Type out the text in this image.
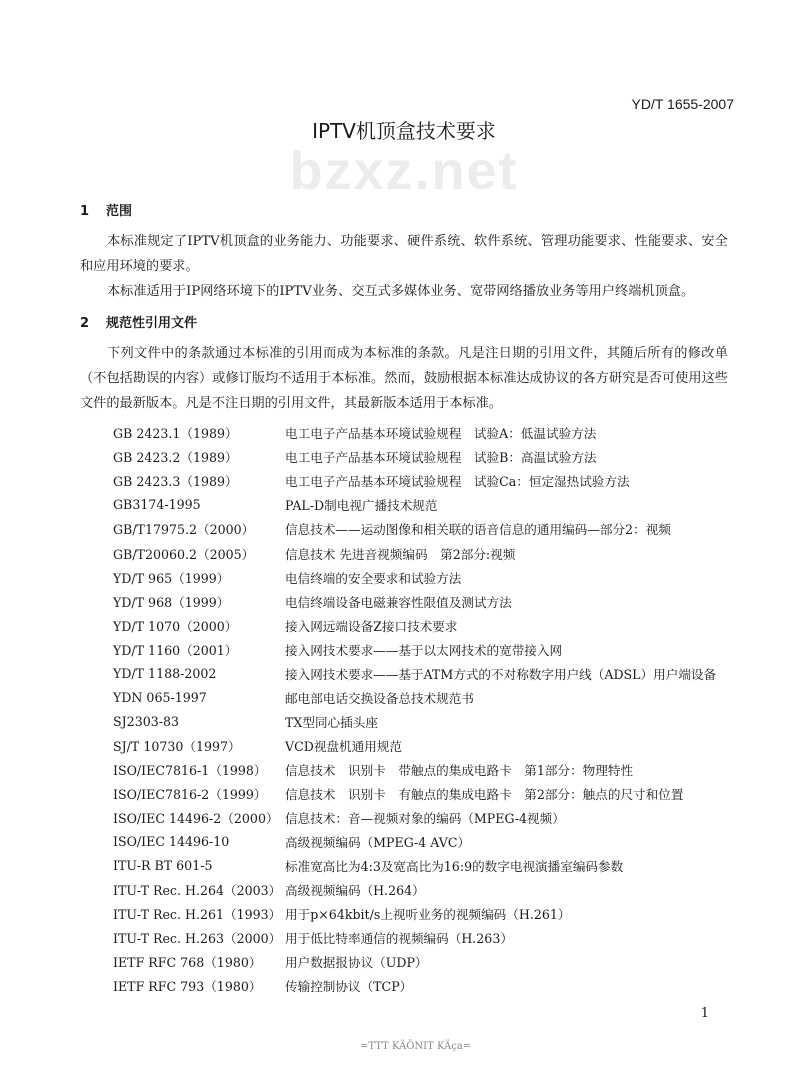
YD/T 1655-2007
IPTV机顶盒技术要求
bzxz.net
1 范围
本标准规定了IPTV机顶盒的业务能力、功能要求、硬件系统、软件系统、管理功能要求、性能要求、安全和应用环境的要求。
本标准适用于IP网络环境下的IPTV业务、交互式多媒体业务、宽带网络播放业务等用户终端机顶盒。
2 规范性引用文件
下列文件中的条款通过本标准的引用而成为本标准的条款。凡是注日期的引用文件，其随后所有的修改单（不包括勘误的内容）或修订版均不适用于本标准。然而，鼓励根据本标准达成协议的各方研究是否可使用这些文件的最新版本。凡是不注日期的引用文件，其最新版本适用于本标准。
GB 2423.1（1989）	电工电子产品基本环境试验规程　试验A：低温试验方法
GB 2423.2（1989）	电工电子产品基本环境试验规程　试验B：高温试验方法
GB 2423.3（1989）	电工电子产品基本环境试验规程　试验Ca：恒定湿热试验方法
GB3174-1995	PAL-D制电视广播技术规范
GB/T17975.2（2000）	信息技术——运动图像和相关联的语音信息的通用编码—部分2：视频
GB/T20060.2（2005）	信息技术 先进音视频编码　第2部分:视频
YD/T 965（1999）	电信终端的安全要求和试验方法
YD/T 968（1999）	电信终端设备电磁兼容性限值及测试方法
YD/T 1070（2000）	接入网远端设备Z接口技术要求
YD/T 1160（2001）	接入网技术要求——基于以太网技术的宽带接入网
YD/T 1188-2002	接入网技术要求——基于ATM方式的不对称数字用户线（ADSL）用户端设备
YDN 065-1997	邮电部电话交换设备总技术规范书
SJ2303-83	TX型同心插头座
SJ/T 10730（1997）	VCD视盘机通用规范
ISO/IEC7816-1（1998）	信息技术　识别卡　带触点的集成电路卡　第1部分：物理特性
ISO/IEC7816-2（1999）	信息技术　识别卡　有触点的集成电路卡　第2部分：触点的尺寸和位置
ISO/IEC 14496-2（2000） 信息技术：音—视频对象的编码（MPEG-4视频）
ISO/IEC 14496-10	高级视频编码（MPEG-4 AVC）
ITU-R BT 601-5	标准宽高比为4:3及宽高比为16:9的数字电视演播室编码参数
ITU-T Rec. H.264（2003） 高级视频编码（H.264）
ITU-T Rec. H.261（1993） 用于p×64kbit/s上视听业务的视频编码（H.261）
ITU-T Rec. H.263（2000） 用于低比特率通信的视频编码（H.263）
IETF RFC 768（1980）	用户数据报协议（UDP）
IETF RFC 793（1980）	传输控制协议（TCP）
1
=TTT KÄÖNIT KÄça=
